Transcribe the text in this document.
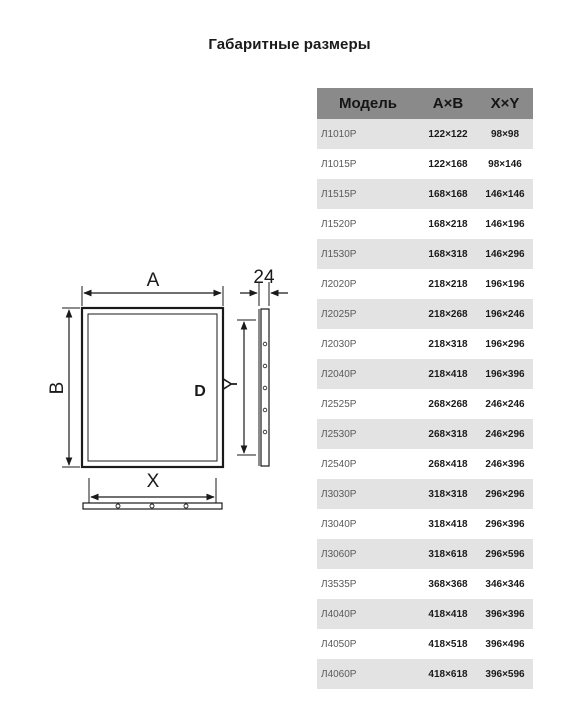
Габаритные размеры
D
A
B
X
Y
24
Модель	A×B	X×Y
Л1010Р	122×122	98×98
Л1015Р	122×168	98×146
Л1515Р	168×168	146×146
Л1520Р	168×218	146×196
Л1530Р	168×318	146×296
Л2020Р	218×218	196×196
Л2025Р	218×268	196×246
Л2030Р	218×318	196×296
Л2040Р	218×418	196×396
Л2525Р	268×268	246×246
Л2530Р	268×318	246×296
Л2540Р	268×418	246×396
Л3030Р	318×318	296×296
Л3040Р	318×418	296×396
Л3060Р	318×618	296×596
Л3535Р	368×368	346×346
Л4040Р	418×418	396×396
Л4050Р	418×518	396×496
Л4060Р	418×618	396×596
